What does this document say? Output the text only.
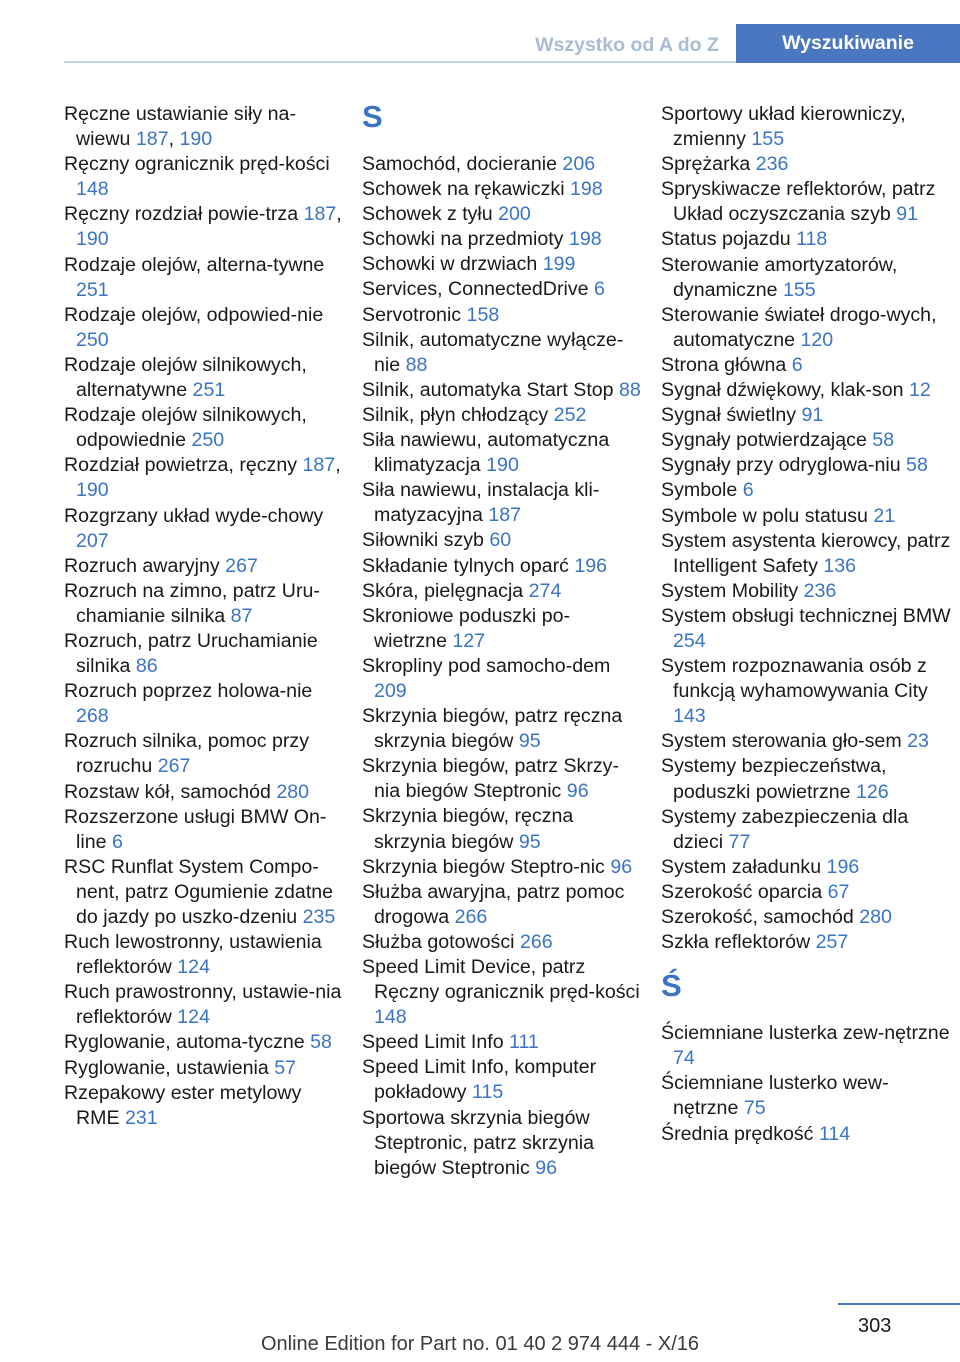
Wszystko od A do Z	Wyszukiwanie

Ręczne ustawianie siły na‐wiewu 187, 190

Ręczny ogranicznik pręd‐kości 148

Ręczny rozdział powie‐trza 187, 190

Rodzaje olejów, alterna‐tywne 251

Rodzaje olejów, odpowied‐nie 250

Rodzaje olejów silnikowych, alternatywne 251

Rodzaje olejów silnikowych, odpowiednie 250

Rozdział powietrza, ręczny 187, 190

Rozgrzany układ wyde‐chowy 207

Rozruch awaryjny 267

Rozruch na zimno, patrz Uru‐chamianie silnika 87

Rozruch, patrz Uruchamianie silnika 86

Rozruch poprzez holowa‐nie 268

Rozruch silnika, pomoc przy rozruchu 267

Rozstaw kół, samochód 280

Rozszerzone usługi BMW On‐line 6

RSC Runflat System Compo‐nent, patrz Ogumienie zdatne do jazdy po uszko‐dzeniu 235

Ruch lewostronny, ustawienia reflektorów 124

Ruch prawostronny, ustawie‐nia reflektorów 124

Ryglowanie, automa‐tyczne 58

Ryglowanie, ustawienia 57

Rzepakowy ester metylowy RME 231

S

Samochód, docieranie 206

Schowek na rękawiczki 198

Schowek z tyłu 200

Schowki na przedmioty 198

Schowki w drzwiach 199

Services, ConnectedDrive 6

Servotronic 158

Silnik, automatyczne wyłącze‐nie 88

Silnik, automatyka Start Stop 88

Silnik, płyn chłodzący 252

Siła nawiewu, automatyczna klimatyzacja 190

Siła nawiewu, instalacja kli‐matyzacyjna 187

Siłowniki szyb 60

Składanie tylnych oparć 196

Skóra, pielęgnacja 274

Skroniowe poduszki po‐wietrzne 127

Skropliny pod samocho‐dem 209

Skrzynia biegów, patrz ręczna skrzynia biegów 95

Skrzynia biegów, patrz Skrzy‐nia biegów Steptronic 96

Skrzynia biegów, ręczna skrzynia biegów 95

Skrzynia biegów Steptro‐nic 96

Służba awaryjna, patrz pomoc drogowa 266

Służba gotowości 266

Speed Limit Device, patrz Ręczny ogranicznik pręd‐kości 148

Speed Limit Info 111

Speed Limit Info, komputer pokładowy 115

Sportowa skrzynia biegów Steptronic, patrz skrzynia biegów Steptronic 96

Sportowy układ kierowniczy, zmienny 155

Sprężarka 236

Spryskiwacze reflektorów, patrz Układ oczyszczania szyb 91

Status pojazdu 118

Sterowanie amortyzatorów, dynamiczne 155

Sterowanie świateł drogo‐wych, automatyczne 120

Strona główna 6

Sygnał dźwiękowy, klak‐son 12

Sygnał świetlny 91

Sygnały potwierdzające 58

Sygnały przy odryglowa‐niu 58

Symbole 6

Symbole w polu statusu 21

System asystenta kierowcy, patrz Intelligent Safety 136

System Mobility 236

System obsługi technicznej BMW 254

System rozpoznawania osób z funkcją wyhamowywania City 143

System sterowania gło‐sem 23

Systemy bezpieczeństwa, poduszki powietrzne 126

Systemy zabezpieczenia dla dzieci 77

System załadunku 196

Szerokość oparcia 67

Szerokość, samochód 280

Szkła reflektorów 257

Ś

Ściemniane lusterka zew‐nętrzne 74

Ściemniane lusterko wew‐nętrzne 75

Średnia prędkość 114

303
Online Edition for Part no. 01 40 2 974 444 - X/16
